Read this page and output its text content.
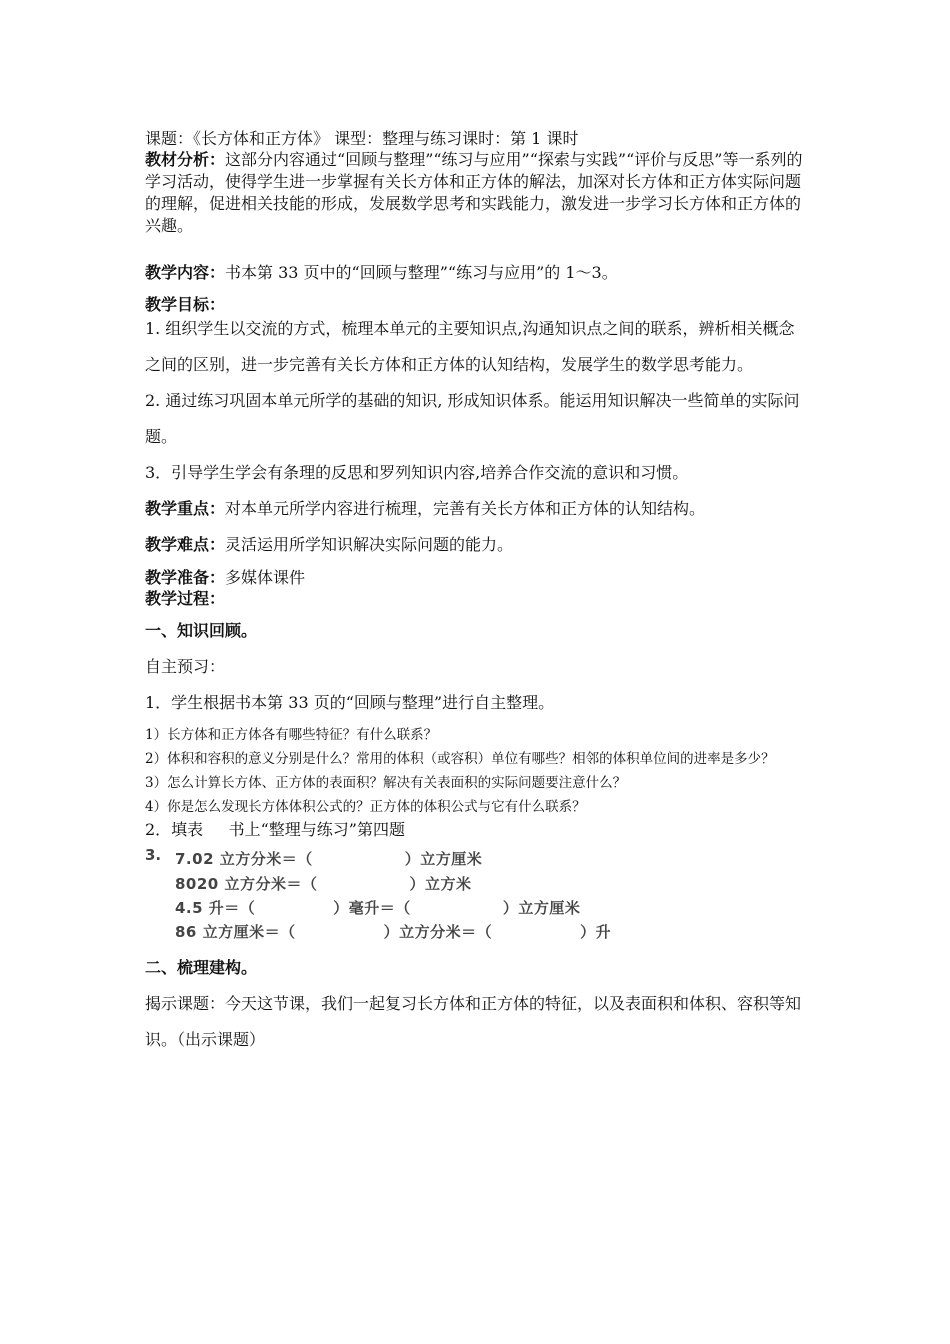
课题：《长方体和正方体》 课型：整理与练习课时：第 1 课时

教材分析：这部分内容通过“回顾与整理”“练习与应用”“探索与实践”“评价与反思”等一系列的学习活动，使得学生进一步掌握有关长方体和正方体的解法，加深对长方体和正方体实际问题的理解，促进相关技能的形成，发展数学思考和实践能力，激发进一步学习长方体和正方体的兴趣。

教学内容：书本第 33 页中的“回顾与整理”“练习与应用”的 1～3。

教学目标：

1. 组织学生以交流的方式，梳理本单元的主要知识点,沟通知识点之间的联系，辨析相关概念之间的区别，进一步完善有关长方体和正方体的认知结构，发展学生的数学思考能力。

2. 通过练习巩固本单元所学的基础的知识, 形成知识体系。能运用知识解决一些简单的实际问题。

3．引导学生学会有条理的反思和罗列知识内容,培养合作交流的意识和习惯。

教学重点：对本单元所学内容进行梳理，完善有关长方体和正方体的认知结构。

教学难点：灵活运用所学知识解决实际问题的能力。

教学准备：多媒体课件

教学过程：

一、知识回顾。

自主预习：

1．学生根据书本第 33 页的“回顾与整理”进行自主整理。

1）长方体和正方体各有哪些特征？有什么联系？

2）体积和容积的意义分别是什么？常用的体积（或容积）单位有哪些？相邻的体积单位间的进率是多少？

3）怎么计算长方体、正方体的表面积？解决有关表面积的实际问题要注意什么？

4）你是怎么发现长方体体积公式的？正方体的体积公式与它有什么联系？

2．填表     书上“整理与练习”第四题

3. 7.02 立方分米＝（	）立方厘米
8020 立方分米＝（	）立方米
4.5 升＝（	）毫升＝（	）立方厘米
86 立方厘米＝（	）立方分米＝（	）升

二、梳理建构。

揭示课题：今天这节课，我们一起复习长方体和正方体的特征，以及表面积和体积、容积等知识。（出示课题）
